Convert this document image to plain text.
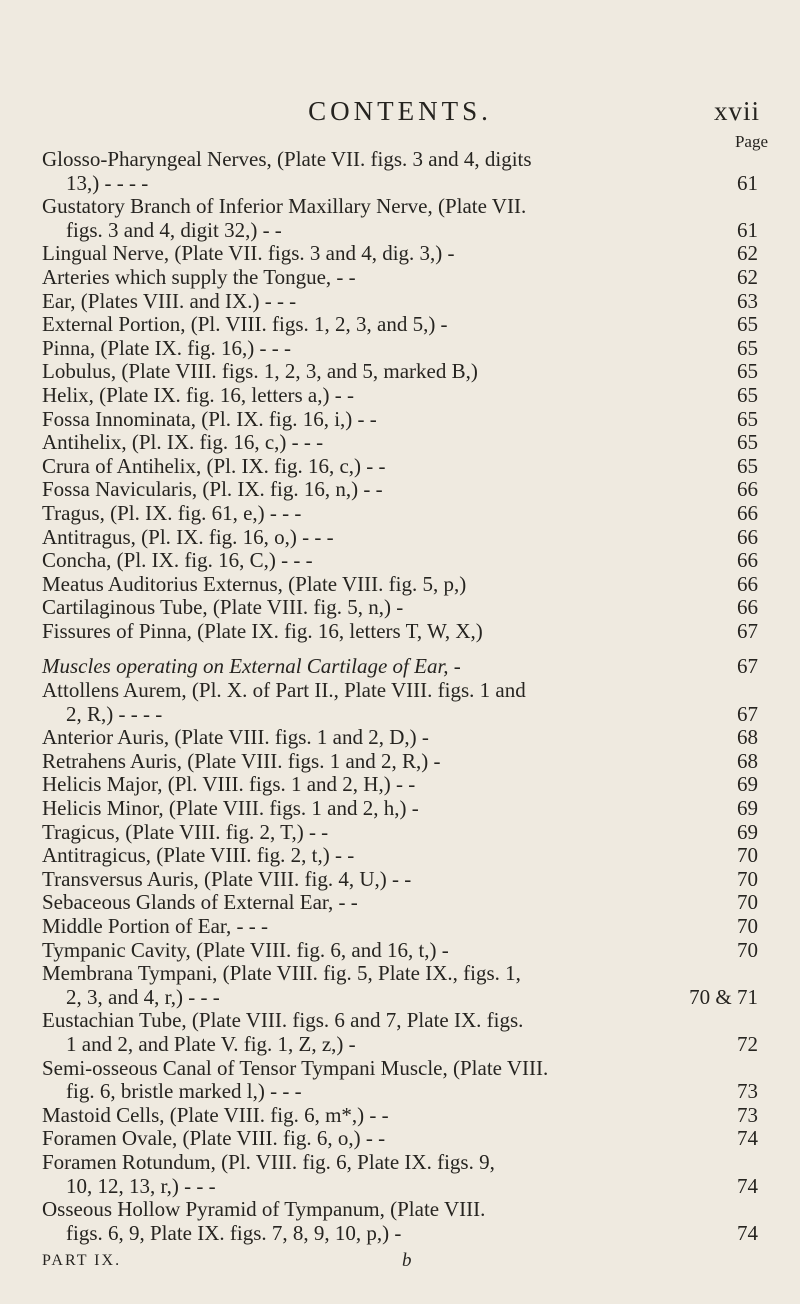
CONTENTS.	xvii
Page
Glosso-Pharyngeal Nerves, (Plate VII. figs. 3 and 4, digits
13,) - - - -	61
Gustatory Branch of Inferior Maxillary Nerve, (Plate VII.
figs. 3 and 4, digit 32,) - -	61
Lingual Nerve, (Plate VII. figs. 3 and 4, dig. 3,) -	62
Arteries which supply the Tongue, - -	62
Ear, (Plates VIII. and IX.) - - -	63
External Portion, (Pl. VIII. figs. 1, 2, 3, and 5,) -	65
Pinna, (Plate IX. fig. 16,) - - -	65
Lobulus, (Plate VIII. figs. 1, 2, 3, and 5, marked B,)	65
Helix, (Plate IX. fig. 16, letters a,) - -	65
Fossa Innominata, (Pl. IX. fig. 16, i,) - -	65
Antihelix, (Pl. IX. fig. 16, c,) - - -	65
Crura of Antihelix, (Pl. IX. fig. 16, c,) - -	65
Fossa Navicularis, (Pl. IX. fig. 16, n,) - -	66
Tragus, (Pl. IX. fig. 61, e,) - - -	66
Antitragus, (Pl. IX. fig. 16, o,) - - -	66
Concha, (Pl. IX. fig. 16, C,) - - -	66
Meatus Auditorius Externus, (Plate VIII. fig. 5, p,)	66
Cartilaginous Tube, (Plate VIII. fig. 5, n,) -	66
Fissures of Pinna, (Plate IX. fig. 16, letters T, W, X,)	67
Muscles operating on External Cartilage of Ear, -	67
Attollens Aurem, (Pl. X. of Part II., Plate VIII. figs. 1 and
2, R,) - - - -	67
Anterior Auris, (Plate VIII. figs. 1 and 2, D,) -	68
Retrahens Auris, (Plate VIII. figs. 1 and 2, R,) -	68
Helicis Major, (Pl. VIII. figs. 1 and 2, H,) - -	69
Helicis Minor, (Plate VIII. figs. 1 and 2, h,) -	69
Tragicus, (Plate VIII. fig. 2, T,) - -	69
Antitragicus, (Plate VIII. fig. 2, t,) - -	70
Transversus Auris, (Plate VIII. fig. 4, U,) - -	70
Sebaceous Glands of External Ear, - -	70
Middle Portion of Ear, - - -	70
Tympanic Cavity, (Plate VIII. fig. 6, and 16, t,) -	70
Membrana Tympani, (Plate VIII. fig. 5, Plate IX., figs. 1,
2, 3, and 4, r,) - - -	70 & 71
Eustachian Tube, (Plate VIII. figs. 6 and 7, Plate IX. figs.
1 and 2, and Plate V. fig. 1, Z, z,) -	72
Semi-osseous Canal of Tensor Tympani Muscle, (Plate VIII.
fig. 6, bristle marked l,) - - -	73
Mastoid Cells, (Plate VIII. fig. 6, m*,) - -	73
Foramen Ovale, (Plate VIII. fig. 6, o,) - -	74
Foramen Rotundum, (Pl. VIII. fig. 6, Plate IX. figs. 9,
10, 12, 13, r,) - - -	74
Osseous Hollow Pyramid of Tympanum, (Plate VIII.
figs. 6, 9, Plate IX. figs. 7, 8, 9, 10, p,) -	74
PART IX.	b
